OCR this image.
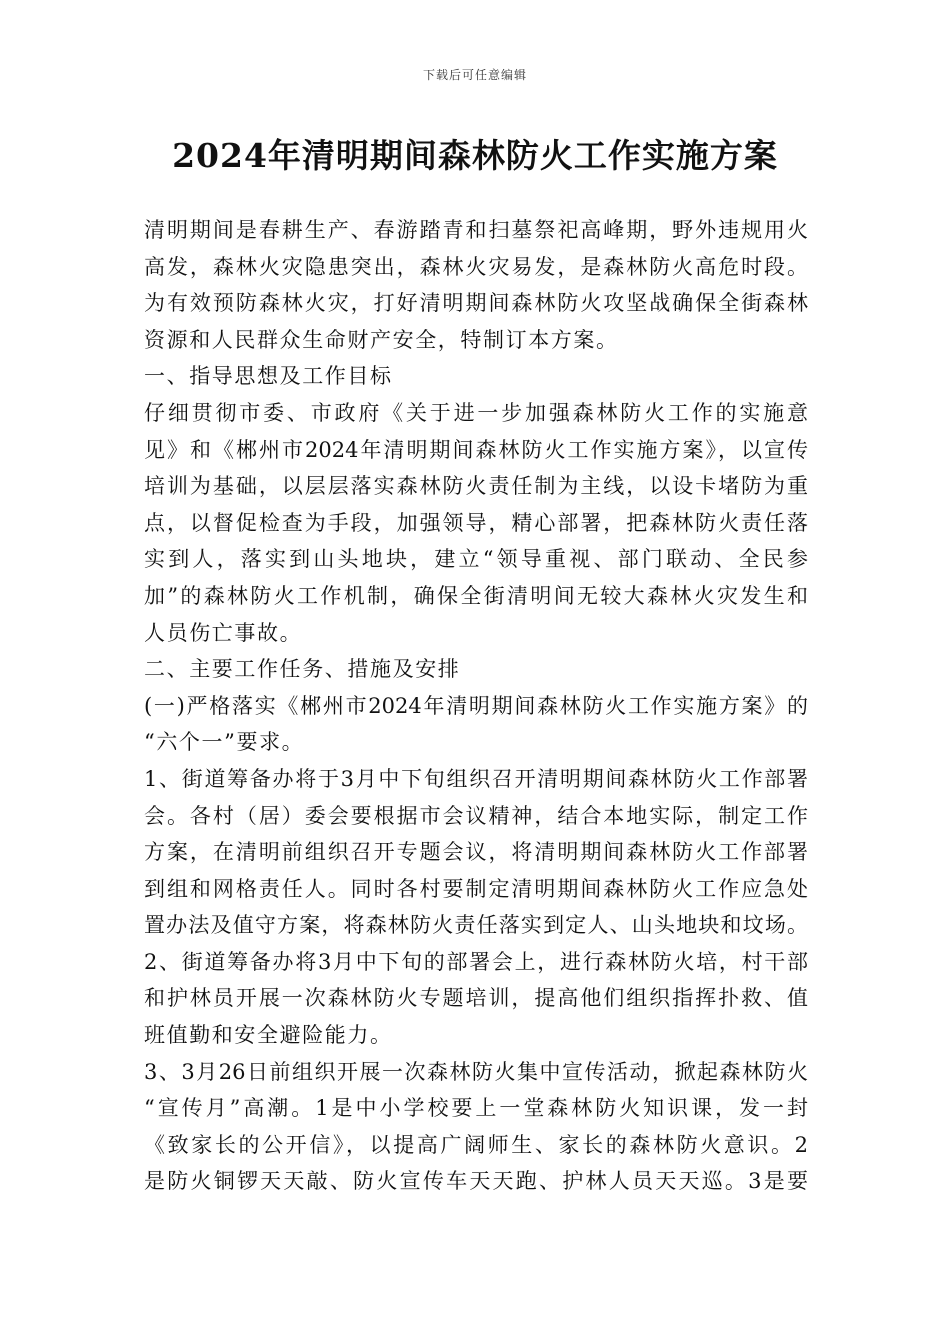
下载后可任意编辑
2024年清明期间森林防火工作实施方案
清明期间是春耕生产、春游踏青和扫墓祭祀高峰期，野外违规用火
高发，森林火灾隐患突出，森林火灾易发，是森林防火高危时段。
为有效预防森林火灾，打好清明期间森林防火攻坚战确保全街森林
资源和人民群众生命财产安全，特制订本方案。
一、指导思想及工作目标
仔细贯彻市委、市政府《关于进一步加强森林防火工作的实施意
见》和《郴州市2024年清明期间森林防火工作实施方案》，以宣传
培训为基础，以层层落实森林防火责任制为主线，以设卡堵防为重
点，以督促检查为手段，加强领导，精心部署，把森林防火责任落
实到人，落实到山头地块，建立“领导重视、部门联动、全民参
加”的森林防火工作机制，确保全街清明间无较大森林火灾发生和
人员伤亡事故。
二、主要工作任务、措施及安排
(一)严格落实《郴州市2024年清明期间森林防火工作实施方案》的
“六个一”要求。
1、街道筹备办将于3月中下旬组织召开清明期间森林防火工作部署
会。各村（居）委会要根据市会议精神，结合本地实际，制定工作
方案，在清明前组织召开专题会议，将清明期间森林防火工作部署
到组和网格责任人。同时各村要制定清明期间森林防火工作应急处
置办法及值守方案，将森林防火责任落实到定人、山头地块和坟场。
2、街道筹备办将3月中下旬的部署会上，进行森林防火培，村干部
和护林员开展一次森林防火专题培训，提高他们组织指挥扑救、值
班值勤和安全避险能力。
3、3月26日前组织开展一次森林防火集中宣传活动，掀起森林防火
“宣传月”高潮。1是中小学校要上一堂森林防火知识课，发一封
《致家长的公开信》，以提高广阔师生、家长的森林防火意识。2
是防火铜锣天天敲、防火宣传车天天跑、护林人员天天巡。3是要
